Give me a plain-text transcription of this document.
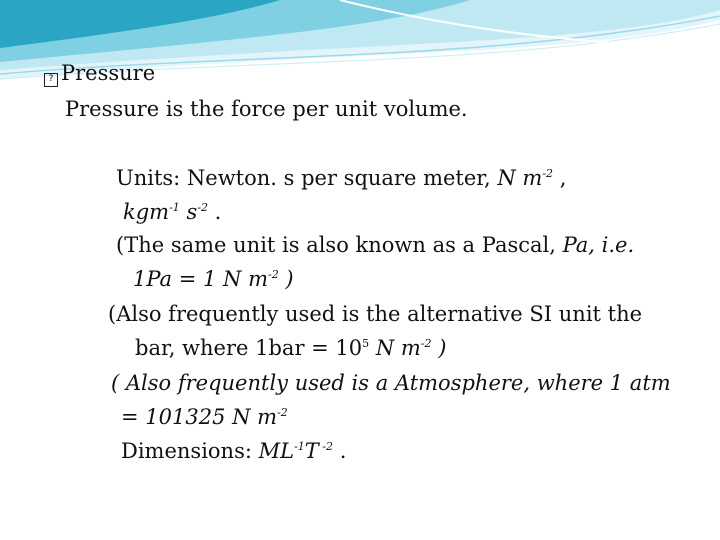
? Pressure
Pressure is the force per unit volume.
Units: Newton. s per square meter, N $m^{-2}$ ,
kgm$^{-1}$ $s^{-2}$ .
(The same unit is also known as a Pascal, Pa, i.e.
1Pa = 1 N $m^{-2}$ )
(Also frequently used is the alternative SI unit the
bar, where $1bar = 10^5$ N $m^{-2}$ )
( Also frequently used is a Atmosphere, where 1 atm
= 101325 N $m^{-2}$
Dimensions: $ML^{-1}T$ $^{-2}$ .
